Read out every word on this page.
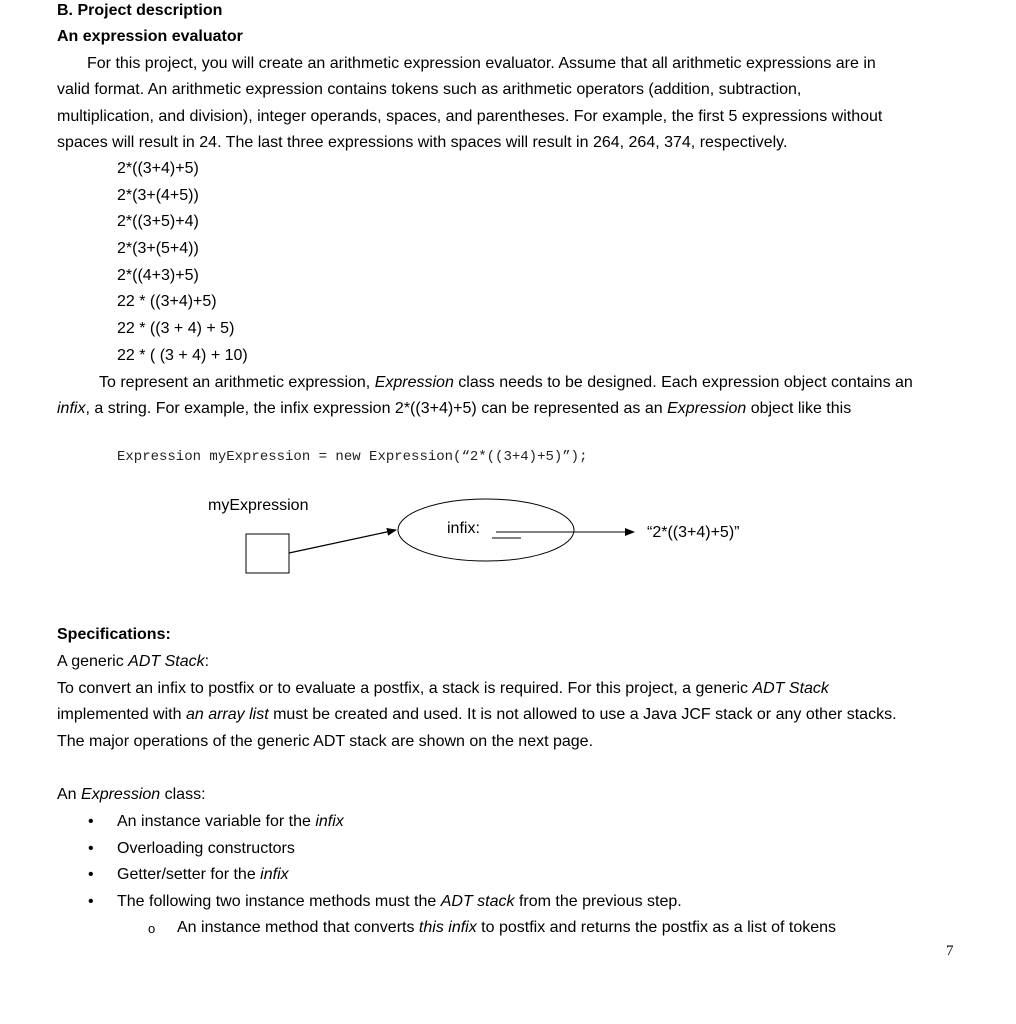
B. Project description
An expression evaluator
For this project, you will create an arithmetic expression evaluator. Assume that all arithmetic expressions are in
valid format. An arithmetic expression contains tokens such as arithmetic operators (addition, subtraction,
multiplication, and division), integer operands, spaces, and parentheses. For example, the first 5 expressions without
spaces will result in 24. The last three expressions with spaces will result in 264, 264, 374, respectively.
2*((3+4)+5)
2*(3+(4+5))
2*((3+5)+4)
2*(3+(5+4))
2*((4+3)+5)
22 * ((3+4)+5)
22 * ((3 + 4) + 5)
22 * ( (3 + 4) + 10)
To represent an arithmetic expression, Expression class needs to be designed. Each expression object contains an
infix, a string. For example, the infix expression 2*((3+4)+5) can be represented as an Expression object like this
Expression myExpression = new Expression(“2*((3+4)+5)”);
myExpression
infix:	“2*((3+4)+5)”
Specifications:
A generic ADT Stack:
To convert an infix to postfix or to evaluate a postfix, a stack is required. For this project, a generic ADT Stack
implemented with an array list must be created and used. It is not allowed to use a Java JCF stack or any other stacks.
The major operations of the generic ADT stack are shown on the next page.
An Expression class:
• An instance variable for the infix
• Overloading constructors
• Getter/setter for the infix
• The following two instance methods must the ADT stack from the previous step.
o An instance method that converts this infix to postfix and returns the postfix as a list of tokens
7
